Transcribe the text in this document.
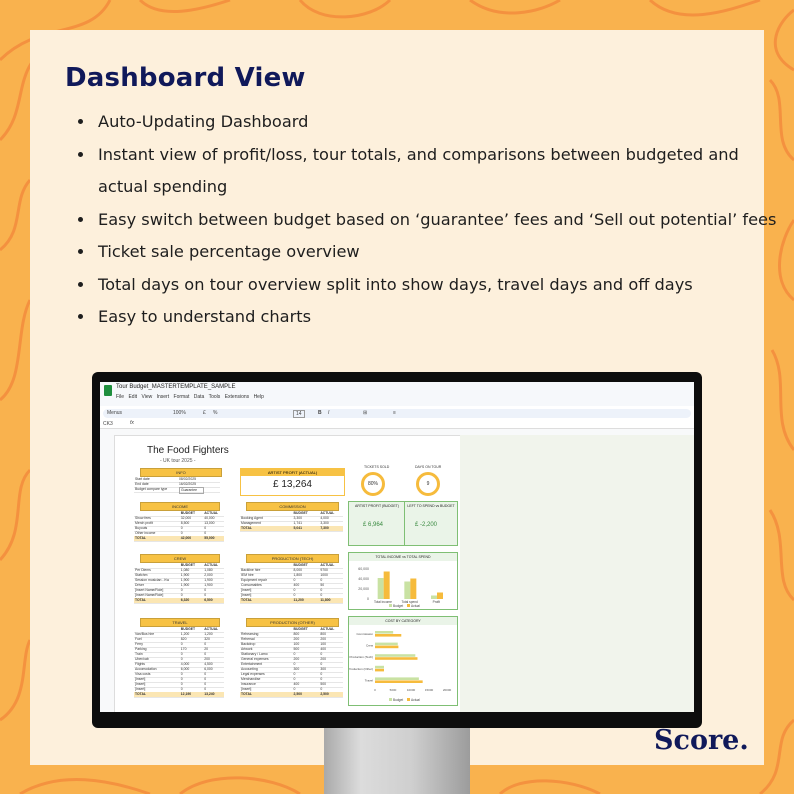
Dashboard View
• Auto-Updating Dashboard
• Instant view of profit/loss, tour totals, and comparisons between budgeted and actual spending
• Easy switch between budget based on ‘guarantee’ fees and ‘Sell out potential’ fees
• Ticket sale percentage overview
• Total days on tour overview split into show days, travel days and off days
• Easy to understand charts
Tour Budget_MASTERTEMPLATE_SAMPLE
File Edit View Insert Format Data Tools Extensions Help
Menus	100%	£ %	14	B I	⊞	≡
CK3	fx
The Food Fighters
- UK tour 2025 -
INFO
Start date	08/02/2025
End date	16/02/2025
Budget compare type	Guarantee
ARTIST PROFIT (ACTUAL)
£ 13,264
TICKETS SOLD
80%
DAYS ON TOUR
9
ARTIST PROFIT (BUDGET)
£ 6,964
LEFT TO SPEND vs BUDGET
£ -2,200
INCOME
BUDGET	ACTUAL
Show fees	32,000	40,000
Merch profit	8,500	13,000
Buyouts	0	0
Other income	0	0
TOTAL	42,000	55,000
COMMISSION
BUDGET	ACTUAL
Booking Agent	3,300	4,000
Management	1,741	3,300
TOTAL	5,041	7,300
CREW
BUDGET	ACTUAL
Per Diems	1,080	1,080
Stafchm	1,900	2,000
Session musician - Kw	1,900	1,900
Driver	1,900	1,900
[Insert Name/Role]	0	0
[Insert Name/Role]	0	0
TOTAL	6,320	6,500
PRODUCTION (TECH)
BUDGET	ACTUAL
Backline hire	8,000	9700
IEM hire	1,800	1000
Equipment repair	0	0
Consumables	400	50
[Insert]	0	0
[Insert]	0	0
TOTAL	11,200	11,800
TRAVEL
BUDGET	ACTUAL
Van/Bus hire	1,200	1,200
Fuel	820	320
Ferry	0	0
Parking	170	20
Train	0	0
Uber/cab	0	200
Flights	4,000	4,500
Accomodation	6,000	6,000
Visa costs	0	0
[Insert]	0	0
[Insert]	0	0
[Insert]	0	0
TOTAL	12,190	13,240
PRODUCTION (OTHER)
BUDGET	ACTUAL
Rehearsing	800	800
Rehersal	200	200
Backdrop	100	100
Artwork	500	400
Stationary / Lamo	0	0
General expenses	200	200
Entertainment	0	0
Accounting	300	300
Legal expenses	0	0
Merchandise	0	0
Insurance	400	500
[Insert]	0	0
TOTAL	2,500	2,500
TOTAL INCOME vs TOTAL SPEND
60,000
40,000
20,000
0
Total income	Total spend	Profit
Budget Actual
COST BY CATEGORY
Commission
Crew
Production (Tech)
Production (Other)
Travel
0	5000	10000	15000	20000
Budget Actual
Score.
